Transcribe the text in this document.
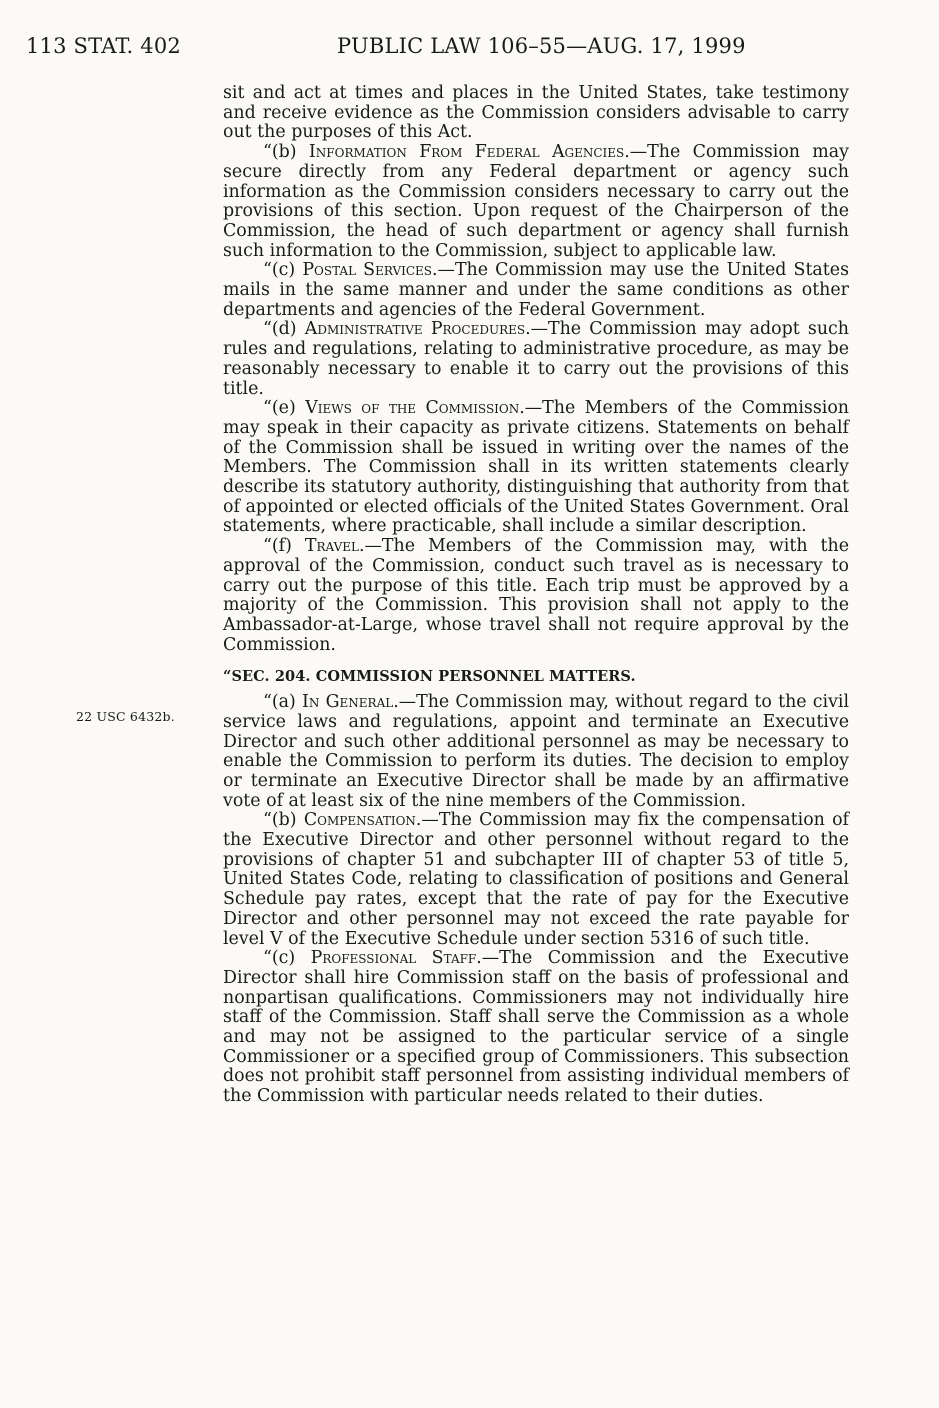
113 STAT. 402	PUBLIC LAW 106–55—AUG. 17, 1999
22 USC 6432b.

sit and act at times and places in the United States, take testimony and receive evidence as the Commission considers advisable to carry out the purposes of this Act.

“(b) Information From Federal Agencies.—The Commission may secure directly from any Federal department or agency such information as the Commission considers necessary to carry out the provisions of this section. Upon request of the Chairperson of the Commission, the head of such department or agency shall furnish such information to the Commission, subject to applicable law.

“(c) Postal Services.—The Commission may use the United States mails in the same manner and under the same conditions as other departments and agencies of the Federal Government.

“(d) Administrative Procedures.—The Commission may adopt such rules and regulations, relating to administrative procedure, as may be reasonably necessary to enable it to carry out the provisions of this title.

“(e) Views of the Commission.—The Members of the Commission may speak in their capacity as private citizens. Statements on behalf of the Commission shall be issued in writing over the names of the Members. The Commission shall in its written statements clearly describe its statutory authority, distinguishing that authority from that of appointed or elected officials of the United States Government. Oral statements, where practicable, shall include a similar description.

“(f) Travel.—The Members of the Commission may, with the approval of the Commission, conduct such travel as is necessary to carry out the purpose of this title. Each trip must be approved by a majority of the Commission. This provision shall not apply to the Ambassador-at-Large, whose travel shall not require approval by the Commission.

“SEC. 204. COMMISSION PERSONNEL MATTERS.

“(a) In General.—The Commission may, without regard to the civil service laws and regulations, appoint and terminate an Executive Director and such other additional personnel as may be necessary to enable the Commission to perform its duties. The decision to employ or terminate an Executive Director shall be made by an affirmative vote of at least six of the nine members of the Commission.

“(b) Compensation.—The Commission may fix the compensation of the Executive Director and other personnel without regard to the provisions of chapter 51 and subchapter III of chapter 53 of title 5, United States Code, relating to classification of positions and General Schedule pay rates, except that the rate of pay for the Executive Director and other personnel may not exceed the rate payable for level V of the Executive Schedule under section 5316 of such title.

“(c) Professional Staff.—The Commission and the Executive Director shall hire Commission staff on the basis of professional and nonpartisan qualifications. Commissioners may not individually hire staff of the Commission. Staff shall serve the Commission as a whole and may not be assigned to the particular service of a single Commissioner or a specified group of Commissioners. This subsection does not prohibit staff personnel from assisting individual members of the Commission with particular needs related to their duties.
